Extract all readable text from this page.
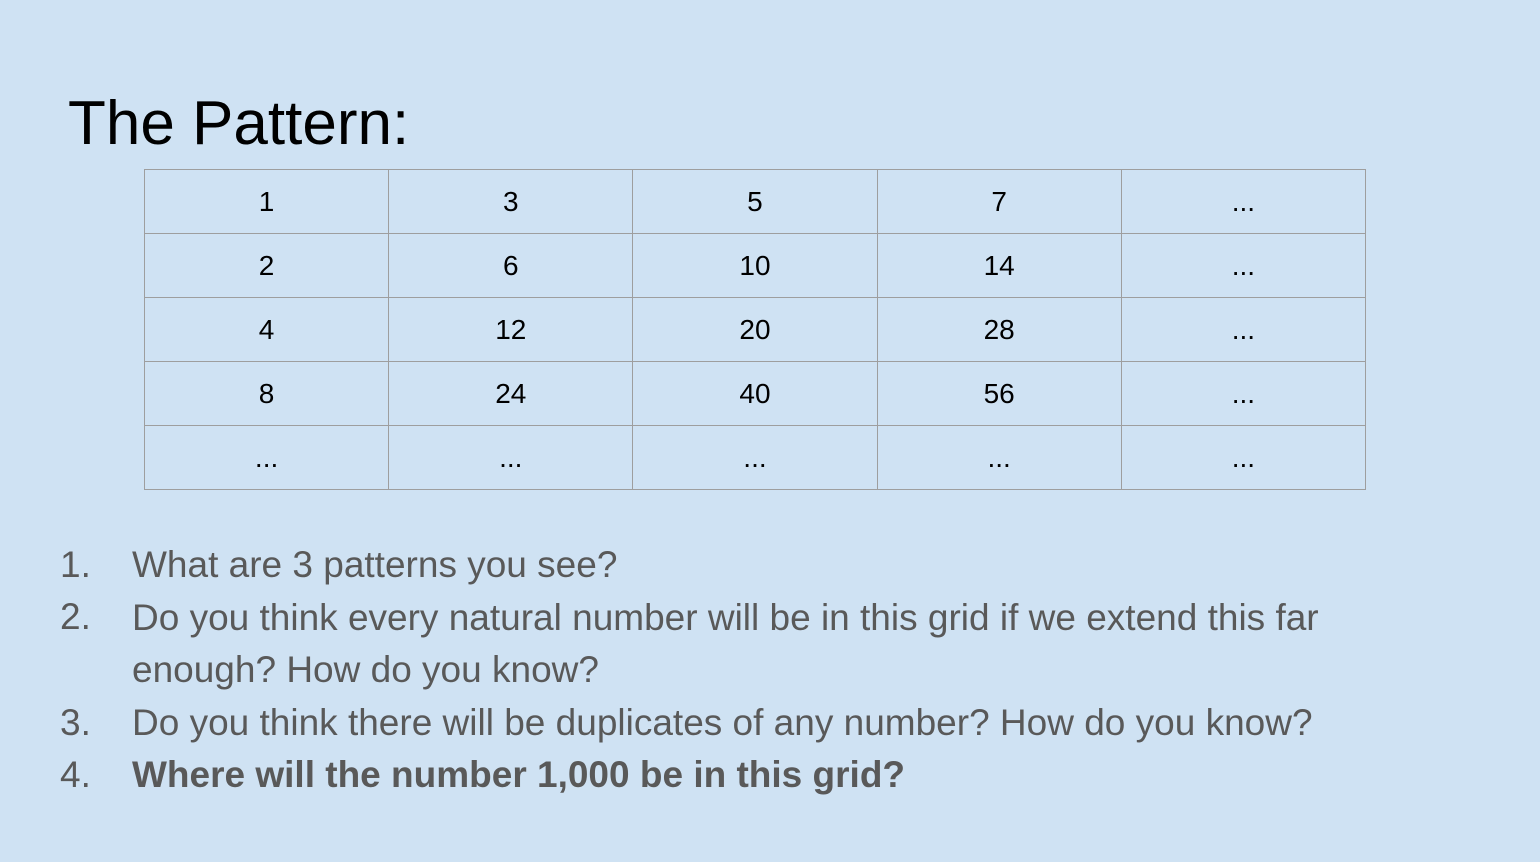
The Pattern:
1	3	5	7	...
2	6	10	14	...
4	12	20	28	...
8	24	40	56	...
...	...	...	...	...
1.	What are 3 patterns you see?
2.	Do you think every natural number will be in this grid if we extend this far enough? How do you know?
3.	Do you think there will be duplicates of any number? How do you know?
4.	Where will the number 1,000 be in this grid?
